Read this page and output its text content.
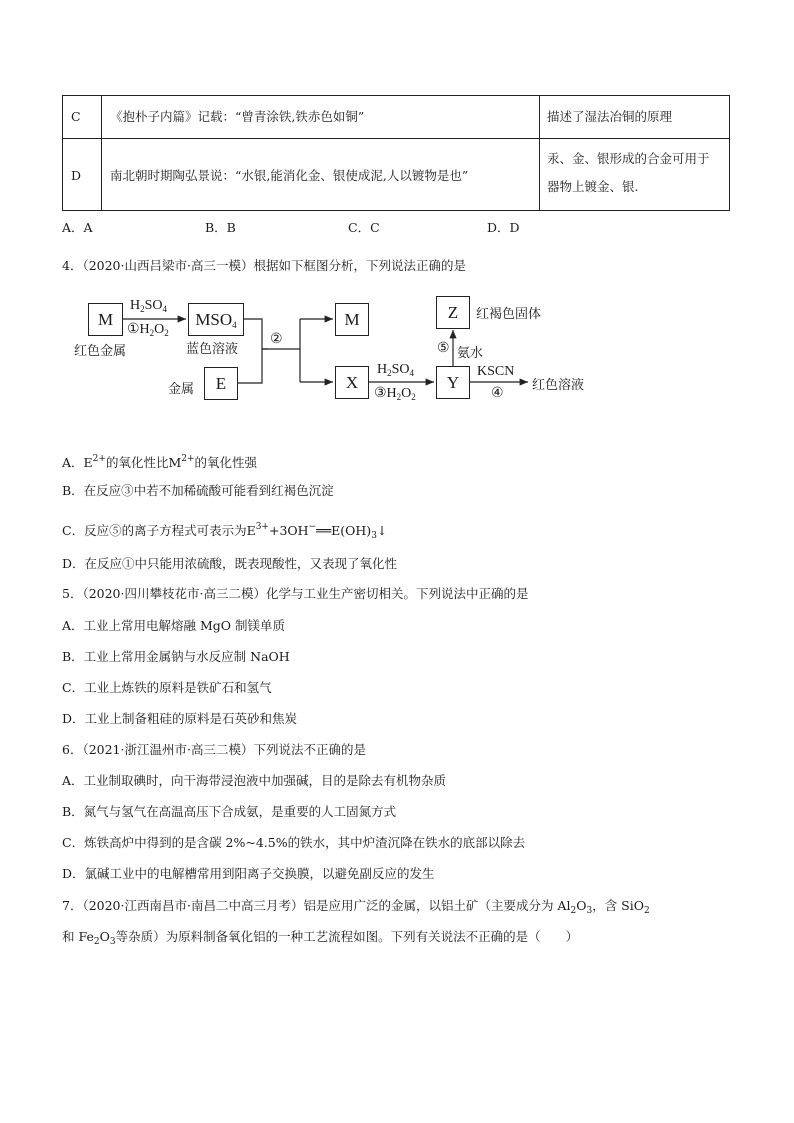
C 《抱朴子内篇》记载：“曾青涂铁,铁赤色如铜”	描述了湿法冶铜的原理
D 南北朝时期陶弘景说：“水银,能消化金、银使成泥,人以镀物是也”
汞、金、银形成的合金可用于
器物上镀金、银.
A．A	B．B	C．C	D．D
4．（2020·山西吕梁市·高三一模）根据如下框图分析，下列说法正确的是
M	$MSO_4$
E
M
X	Y
Z
红色金属	蓝色溶液
金属
红褐色固体
红色溶液
$H_2SO_4$
$①H_2O_2$	②
$H_2SO_4$
$③H_2O_2$
⑤ 氨水
KSCN
④
A．$E^{2+}$的氧化性比$M^{2+}$的氧化性强
B．在反应③中若不加稀硫酸可能看到红褐色沉淀
C．反应⑤的离子方程式可表示为$E^{3+}+3OH^-══E(OH)_3↓$
D．在反应①中只能用浓硫酸，既表现酸性，又表现了氧化性
5．（2020·四川攀枝花市·高三二模）化学与工业生产密切相关。下列说法中正确的是
A．工业上常用电解熔融 MgO 制镁单质
B．工业上常用金属钠与水反应制 NaOH
C．工业上炼铁的原料是铁矿石和氢气
D．工业上制备粗硅的原料是石英砂和焦炭
6．（2021·浙江温州市·高三二模）下列说法不正确的是
A．工业制取碘时，向干海带浸泡液中加强碱，目的是除去有机物杂质
B．氮气与氢气在高温高压下合成氨，是重要的人工固氮方式
C．炼铁高炉中得到的是含碳 2%~4.5%的铁水，其中炉渣沉降在铁水的底部以除去
D．氯碱工业中的电解槽常用到阳离子交换膜，以避免副反应的发生
7．（2020·江西南昌市·南昌二中高三月考）铝是应用广泛的金属，以铝土矿（主要成分为 $Al_2O_3$，含 SiO$_2$
和 $Fe_2O_3$等杂质）为原料制备氧化铝的一种工艺流程如图。下列有关说法不正确的是（　　）
